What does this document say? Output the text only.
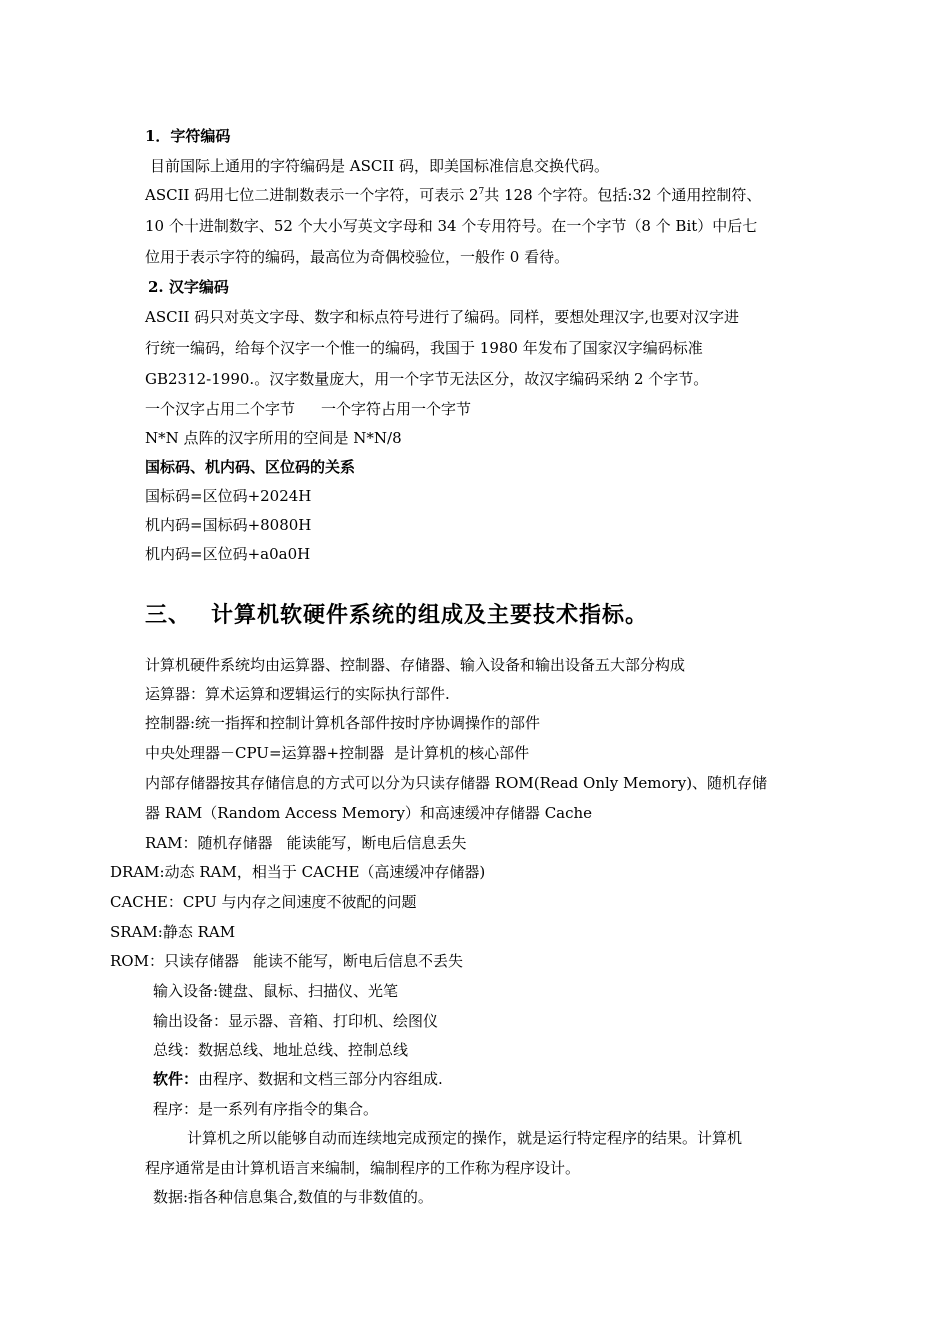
1．字符编码

目前国际上通用的字符编码是 ASCII 码，即美国标准信息交换代码。

ASCII 码用七位二进制数表示一个字符，可表示 $2^7$共 128 个字符。包括:32 个通用控制符、

10 个十进制数字、52 个大小写英文字母和 34 个专用符号。在一个字节（8 个 Bit）中后七

位用于表示字符的编码，最高位为奇偶校验位，一般作 0 看待。

2. 汉字编码

ASCII 码只对英文字母、数字和标点符号进行了编码。同样，要想处理汉字,也要对汉字进

行统一编码，给每个汉字一个惟一的编码，我国于 1980 年发布了国家汉字编码标准

GB2312-1990.。汉字数量庞大，用一个字节无法区分，故汉字编码采纳 2 个字节。

一个汉字占用二个字节 一个字符占用一个字节

N*N 点阵的汉字所用的空间是 N*N/8

国标码、机内码、区位码的关系

国标码=区位码+2024H

机内码=国标码+8080H

机内码=区位码+a0a0H

三、 计算机软硬件系统的组成及主要技术指标。

计算机硬件系统均由运算器、控制器、存储器、输入设备和输出设备五大部分构成

运算器：算术运算和逻辑运行的实际执行部件.

控制器:统一指挥和控制计算机各部件按时序协调操作的部件

中央处理器－CPU=运算器+控制器 是计算机的核心部件

内部存储器按其存储信息的方式可以分为只读存储器 ROM(Read Only Memory)、随机存储

器 RAM（Random Access Memory）和高速缓冲存储器 Cache

RAM：随机存储器 能读能写，断电后信息丢失

DRAM:动态 RAM，相当于 CACHE（高速缓冲存储器)

CACHE：CPU 与内存之间速度不彼配的问题

SRAM:静态 RAM

ROM：只读存储器 能读不能写，断电后信息不丢失

输入设备:键盘、鼠标、扫描仪、光笔

输出设备：显示器、音箱、打印机、绘图仪

总线：数据总线、地址总线、控制总线

软件：由程序、数据和文档三部分内容组成.

程序：是一系列有序指令的集合。

计算机之所以能够自动而连续地完成预定的操作，就是运行特定程序的结果。计算机

程序通常是由计算机语言来编制，编制程序的工作称为程序设计。

数据:指各种信息集合,数值的与非数值的。
